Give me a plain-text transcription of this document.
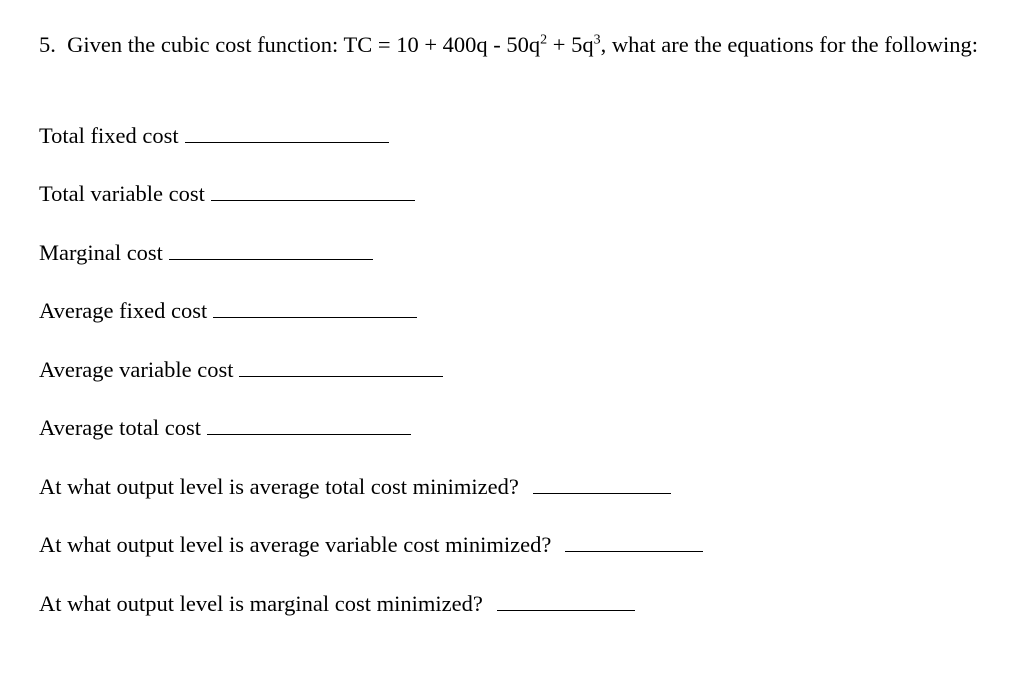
5. Given the cubic cost function: TC = $10 + 400q - 50q^2 + 5q^3$, what are the equations for the following:

Total fixed cost
Total variable cost
Marginal cost
Average fixed cost
Average variable cost
Average total cost
At what output level is average total cost minimized?
At what output level is average variable cost minimized?
At what output level is marginal cost minimized?
